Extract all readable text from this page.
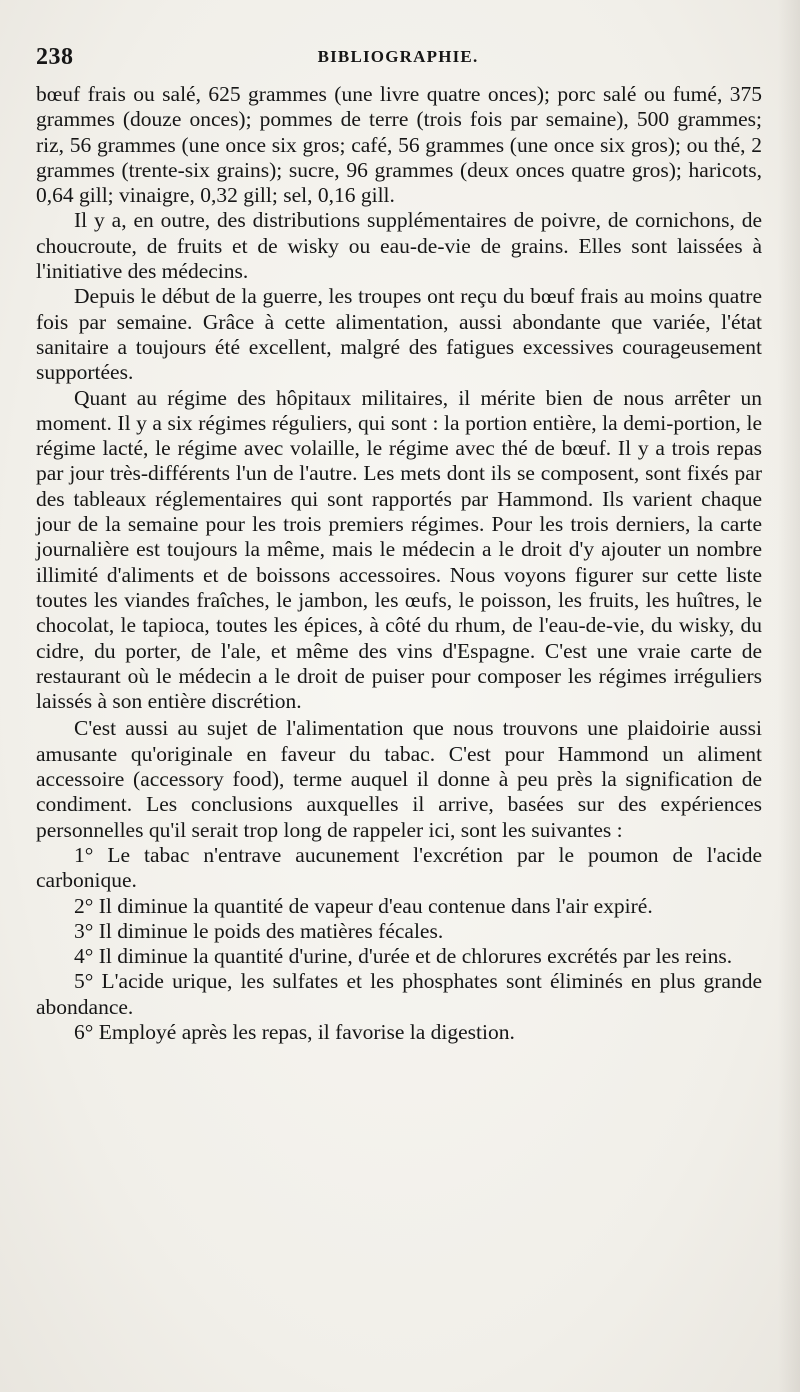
238	BIBLIOGRAPHIE.

bœuf frais ou salé, 625 grammes (une livre quatre onces); porc salé ou fumé, 375 grammes (douze onces); pommes de terre (trois fois par semaine), 500 grammes; riz, 56 grammes (une once six gros; café, 56 grammes (une once six gros); ou thé, 2 grammes (trente-six grains); sucre, 96 grammes (deux onces quatre gros); haricots, 0,64 gill; vinaigre, 0,32 gill; sel, 0,16 gill.

Il y a, en outre, des distributions supplémentaires de poivre, de cornichons, de choucroute, de fruits et de wisky ou eau-de-vie de grains. Elles sont laissées à l'initiative des médecins.

Depuis le début de la guerre, les troupes ont reçu du bœuf frais au moins quatre fois par semaine. Grâce à cette alimentation, aussi abondante que variée, l'état sanitaire a toujours été excellent, malgré des fatigues excessives courageusement supportées.

Quant au régime des hôpitaux militaires, il mérite bien de nous arrêter un moment. Il y a six régimes réguliers, qui sont : la portion entière, la demi-portion, le régime lacté, le régime avec volaille, le régime avec thé de bœuf. Il y a trois repas par jour très-différents l'un de l'autre. Les mets dont ils se composent, sont fixés par des tableaux réglementaires qui sont rapportés par Hammond. Ils varient chaque jour de la semaine pour les trois premiers régimes. Pour les trois derniers, la carte journalière est toujours la même, mais le médecin a le droit d'y ajouter un nombre illimité d'aliments et de boissons accessoires. Nous voyons figurer sur cette liste toutes les viandes fraîches, le jambon, les œufs, le poisson, les fruits, les huîtres, le chocolat, le tapioca, toutes les épices, à côté du rhum, de l'eau-de-vie, du wisky, du cidre, du porter, de l'ale, et même des vins d'Espagne. C'est une vraie carte de restaurant où le médecin a le droit de puiser pour composer les régimes irréguliers laissés à son entière discrétion.

C'est aussi au sujet de l'alimentation que nous trouvons une plaidoirie aussi amusante qu'originale en faveur du tabac. C'est pour Hammond un aliment accessoire (accessory food), terme auquel il donne à peu près la signification de condiment. Les conclusions auxquelles il arrive, basées sur des expériences personnelles qu'il serait trop long de rappeler ici, sont les suivantes :

1° Le tabac n'entrave aucunement l'excrétion par le poumon de l'acide carbonique.

2° Il diminue la quantité de vapeur d'eau contenue dans l'air expiré.

3° Il diminue le poids des matières fécales.

4° Il diminue la quantité d'urine, d'urée et de chlorures excrétés par les reins.

5° L'acide urique, les sulfates et les phosphates sont éliminés en plus grande abondance.

6° Employé après les repas, il favorise la digestion.
